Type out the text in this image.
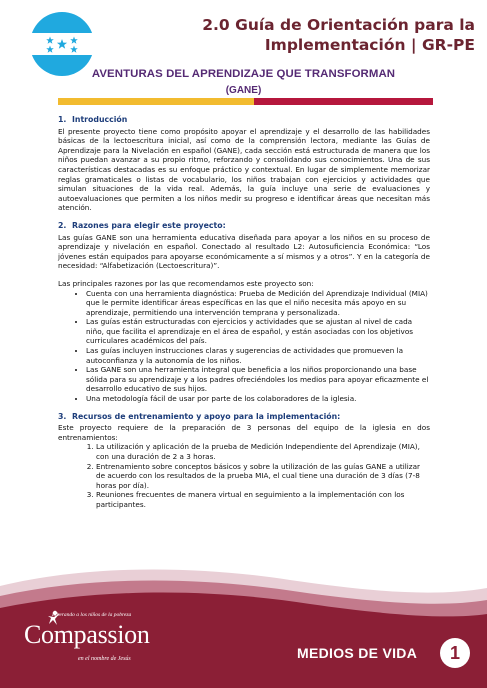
2.0 Guía de Orientación para la
Implementación | GR-PE
AVENTURAS DEL APRENDIZAJE QUE TRANSFORMAN
(GANE)
1. Introducción

El presente proyecto tiene como propósito apoyar el aprendizaje y el desarrollo de las habilidades básicas de la lectoescritura inicial, así como de la comprensión lectora, mediante las Guías de Aprendizaje para la Nivelación en español (GANE), cada sección está estructurada de manera que los niños puedan avanzar a su propio ritmo, reforzando y consolidando sus conocimientos. Una de sus características destacadas es su enfoque práctico y contextual. En lugar de simplemente memorizar reglas gramaticales o listas de vocabulario, los niños trabajan con ejercicios y actividades que simulan situaciones de la vida real. Además, la guía incluye una serie de evaluaciones y autoevaluaciones que permiten a los niños medir su progreso e identificar áreas que necesitan más atención.

2. Razones para elegir este proyecto:

Las guías GANE son una herramienta educativa diseñada para apoyar a los niños en su proceso de aprendizaje y nivelación en español. Conectado al resultado L2: Autosuficiencia Económica: “Los jóvenes están equipados para apoyarse económicamente a sí mismos y a otros”. Y en la categoría de necesidad: “Alfabetización (Lectoescritura)”.

Las principales razones por las que recomendamos este proyecto son:

• Cuenta con una herramienta diagnóstica: Prueba de Medición del Aprendizaje Individual (MIA) que le permite identificar áreas específicas en las que el niño necesita más apoyo en su aprendizaje, permitiendo una intervención temprana y personalizada.
• Las guías están estructuradas con ejercicios y actividades que se ajustan al nivel de cada niño, que facilita el aprendizaje en el área de español, y están asociadas con los objetivos curriculares académicos del país.
• Las guías incluyen instrucciones claras y sugerencias de actividades que promueven la autoconfianza y la autonomía de los niños.
• Las GANE son una herramienta integral que beneficia a los niños proporcionando una base sólida para su aprendizaje y a los padres ofreciéndoles los medios para apoyar eficazmente el desarrollo educativo de sus hijos.
• Una metodología fácil de usar por parte de los colaboradores de la iglesia.
3. Recursos de entrenamiento y apoyo para la implementación:

Este proyecto requiere de la preparación de 3 personas del equipo de la iglesia en dos entrenamientos:

1. La utilización y aplicación de la prueba de Medición Independiente del Aprendizaje (MIA), con una duración de 2 a 3 horas.
2. Entrenamiento sobre conceptos básicos y sobre la utilización de las guías GANE a utilizar de acuerdo con los resultados de la prueba MIA, el cual tiene una duración de 3 días (7-8 horas por día).
3. Reuniones frecuentes de manera virtual en seguimiento a la implementación con los participantes.
Liberando a los niños de la pobreza
Compassion
en el nombre de Jesús	MEDIOS DE VIDA	1
